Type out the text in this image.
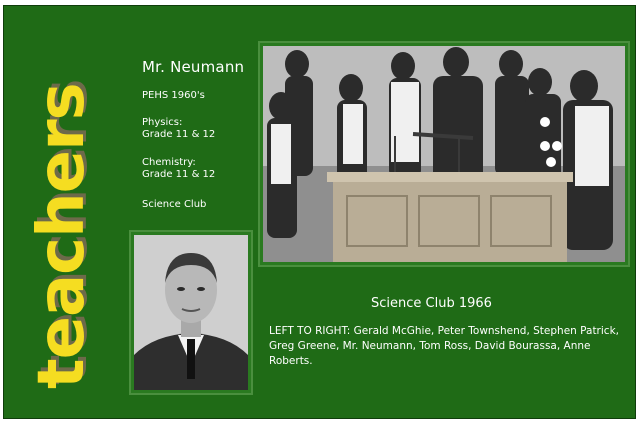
teachers
Mr. Neumann
PEHS 1960's
Physics:
Grade 11 & 12
Chemistry:
Grade 11 & 12
Science Club
Science Club 1966
LEFT TO RIGHT: Gerald McGhie, Peter Townshend, Stephen Patrick, Greg Greene, Mr. Neumann, Tom Ross, David Bourassa, Anne Roberts.
